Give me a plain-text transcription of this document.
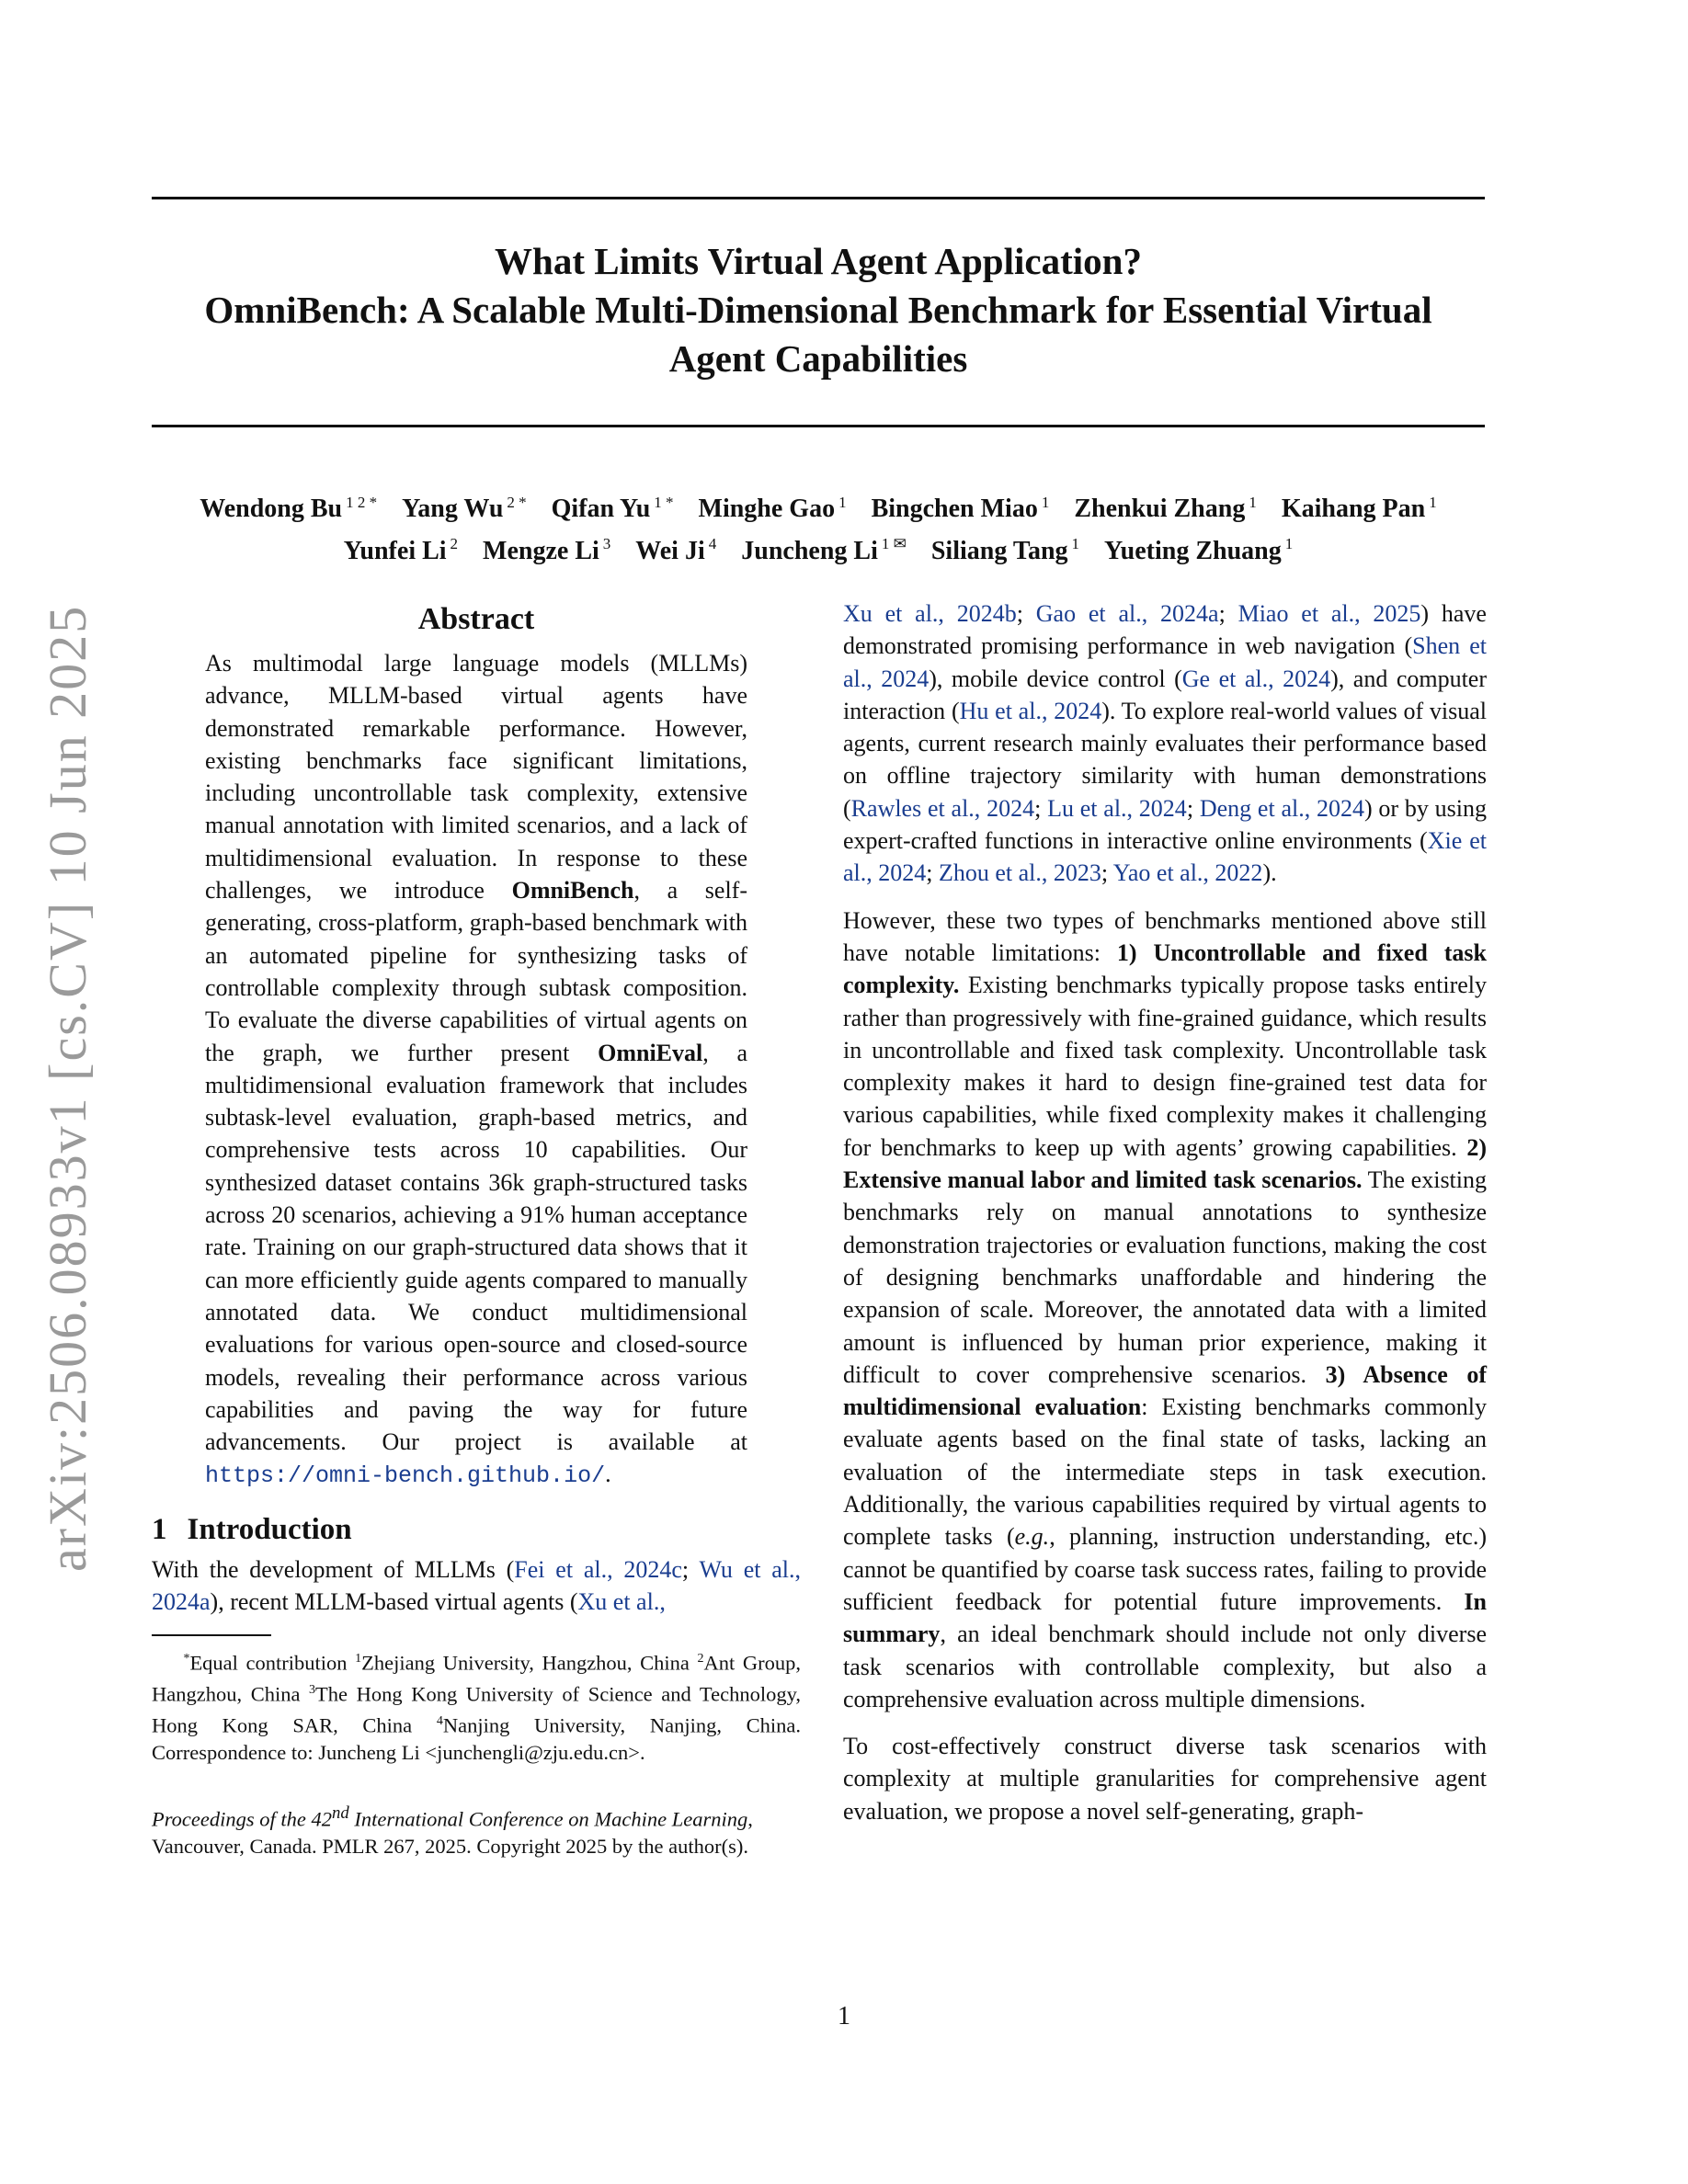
arXiv:2506.08933v1 [cs.CV] 10 Jun 2025
What Limits Virtual Agent Application?
OmniBench: A Scalable Multi-Dimensional Benchmark for Essential Virtual
Agent Capabilities
Wendong Bu $^{1 2 *}$ Yang Wu $^{2 *}$ Qifan Yu $^{1 *}$ Minghe Gao $^1$ Bingchen Miao $^1$ Zhenkui Zhang $^1$ Kaihang Pan $^1$
Yunfei Li $^2$ Mengze Li $^3$ Wei Ji $^4$ Juncheng Li $^{1 ✉}$ Siliang Tang $^1$ Yueting Zhuang $^1$
Abstract

As multimodal large language models (MLLMs) advance, MLLM-based virtual agents have demonstrated remarkable performance. However, existing benchmarks face significant limitations, including uncontrollable task complexity, extensive manual annotation with limited scenarios, and a lack of multidimensional evaluation. In response to these challenges, we introduce OmniBench, a self-generating, cross-platform, graph-based benchmark with an automated pipeline for synthesizing tasks of controllable complexity through subtask composition. To evaluate the diverse capabilities of virtual agents on the graph, we further present OmniEval, a multidimensional evaluation framework that includes subtask-level evaluation, graph-based metrics, and comprehensive tests across 10 capabilities. Our synthesized dataset contains 36k graph-structured tasks across 20 scenarios, achieving a 91% human acceptance rate. Training on our graph-structured data shows that it can more efficiently guide agents compared to manually annotated data. We conduct multidimensional evaluations for various open-source and closed-source models, revealing their performance across various capabilities and paving the way for future advancements. Our project is available at https://omni-bench.github.io/.

1 Introduction

With the development of MLLMs (Fei et al., 2024c; Wu et al., 2024a), recent MLLM-based virtual agents (Xu et al.,

*Equal contribution $^1$Zhejiang University, Hangzhou, China $^2$Ant Group, Hangzhou, China $^3$The Hong Kong University of Science and Technology, Hong Kong SAR, China $^4$Nanjing University, Nanjing, China. Correspondence to: Juncheng Li <junchengli@zju.edu.cn>.

Proceedings of the 42nd International Conference on Machine Learning, Vancouver, Canada. PMLR 267, 2025. Copyright 2025 by the author(s).

Xu et al., 2024b; Gao et al., 2024a; Miao et al., 2025) have demonstrated promising performance in web navigation (Shen et al., 2024), mobile device control (Ge et al., 2024), and computer interaction (Hu et al., 2024). To explore real-world values of visual agents, current research mainly evaluates their performance based on offline trajectory similarity with human demonstrations (Rawles et al., 2024; Lu et al., 2024; Deng et al., 2024) or by using expert-crafted functions in interactive online environments (Xie et al., 2024; Zhou et al., 2023; Yao et al., 2022).

However, these two types of benchmarks mentioned above still have notable limitations: 1) Uncontrollable and fixed task complexity. Existing benchmarks typically propose tasks entirely rather than progressively with fine-grained guidance, which results in uncontrollable and fixed task complexity. Uncontrollable task complexity makes it hard to design fine-grained test data for various capabilities, while fixed complexity makes it challenging for benchmarks to keep up with agents’ growing capabilities. 2) Extensive manual labor and limited task scenarios. The existing benchmarks rely on manual annotations to synthesize demonstration trajectories or evaluation functions, making the cost of designing benchmarks unaffordable and hindering the expansion of scale. Moreover, the annotated data with a limited amount is influenced by human prior experience, making it difficult to cover comprehensive scenarios. 3) Absence of multidimensional evaluation: Existing benchmarks commonly evaluate agents based on the final state of tasks, lacking an evaluation of the intermediate steps in task execution. Additionally, the various capabilities required by virtual agents to complete tasks (e.g., planning, instruction understanding, etc.) cannot be quantified by coarse task success rates, failing to provide sufficient feedback for potential future improvements. In summary, an ideal benchmark should include not only diverse task scenarios with controllable complexity, but also a comprehensive evaluation across multiple dimensions.

To cost-effectively construct diverse task scenarios with complexity at multiple granularities for comprehensive agent evaluation, we propose a novel self-generating, graph-

1
